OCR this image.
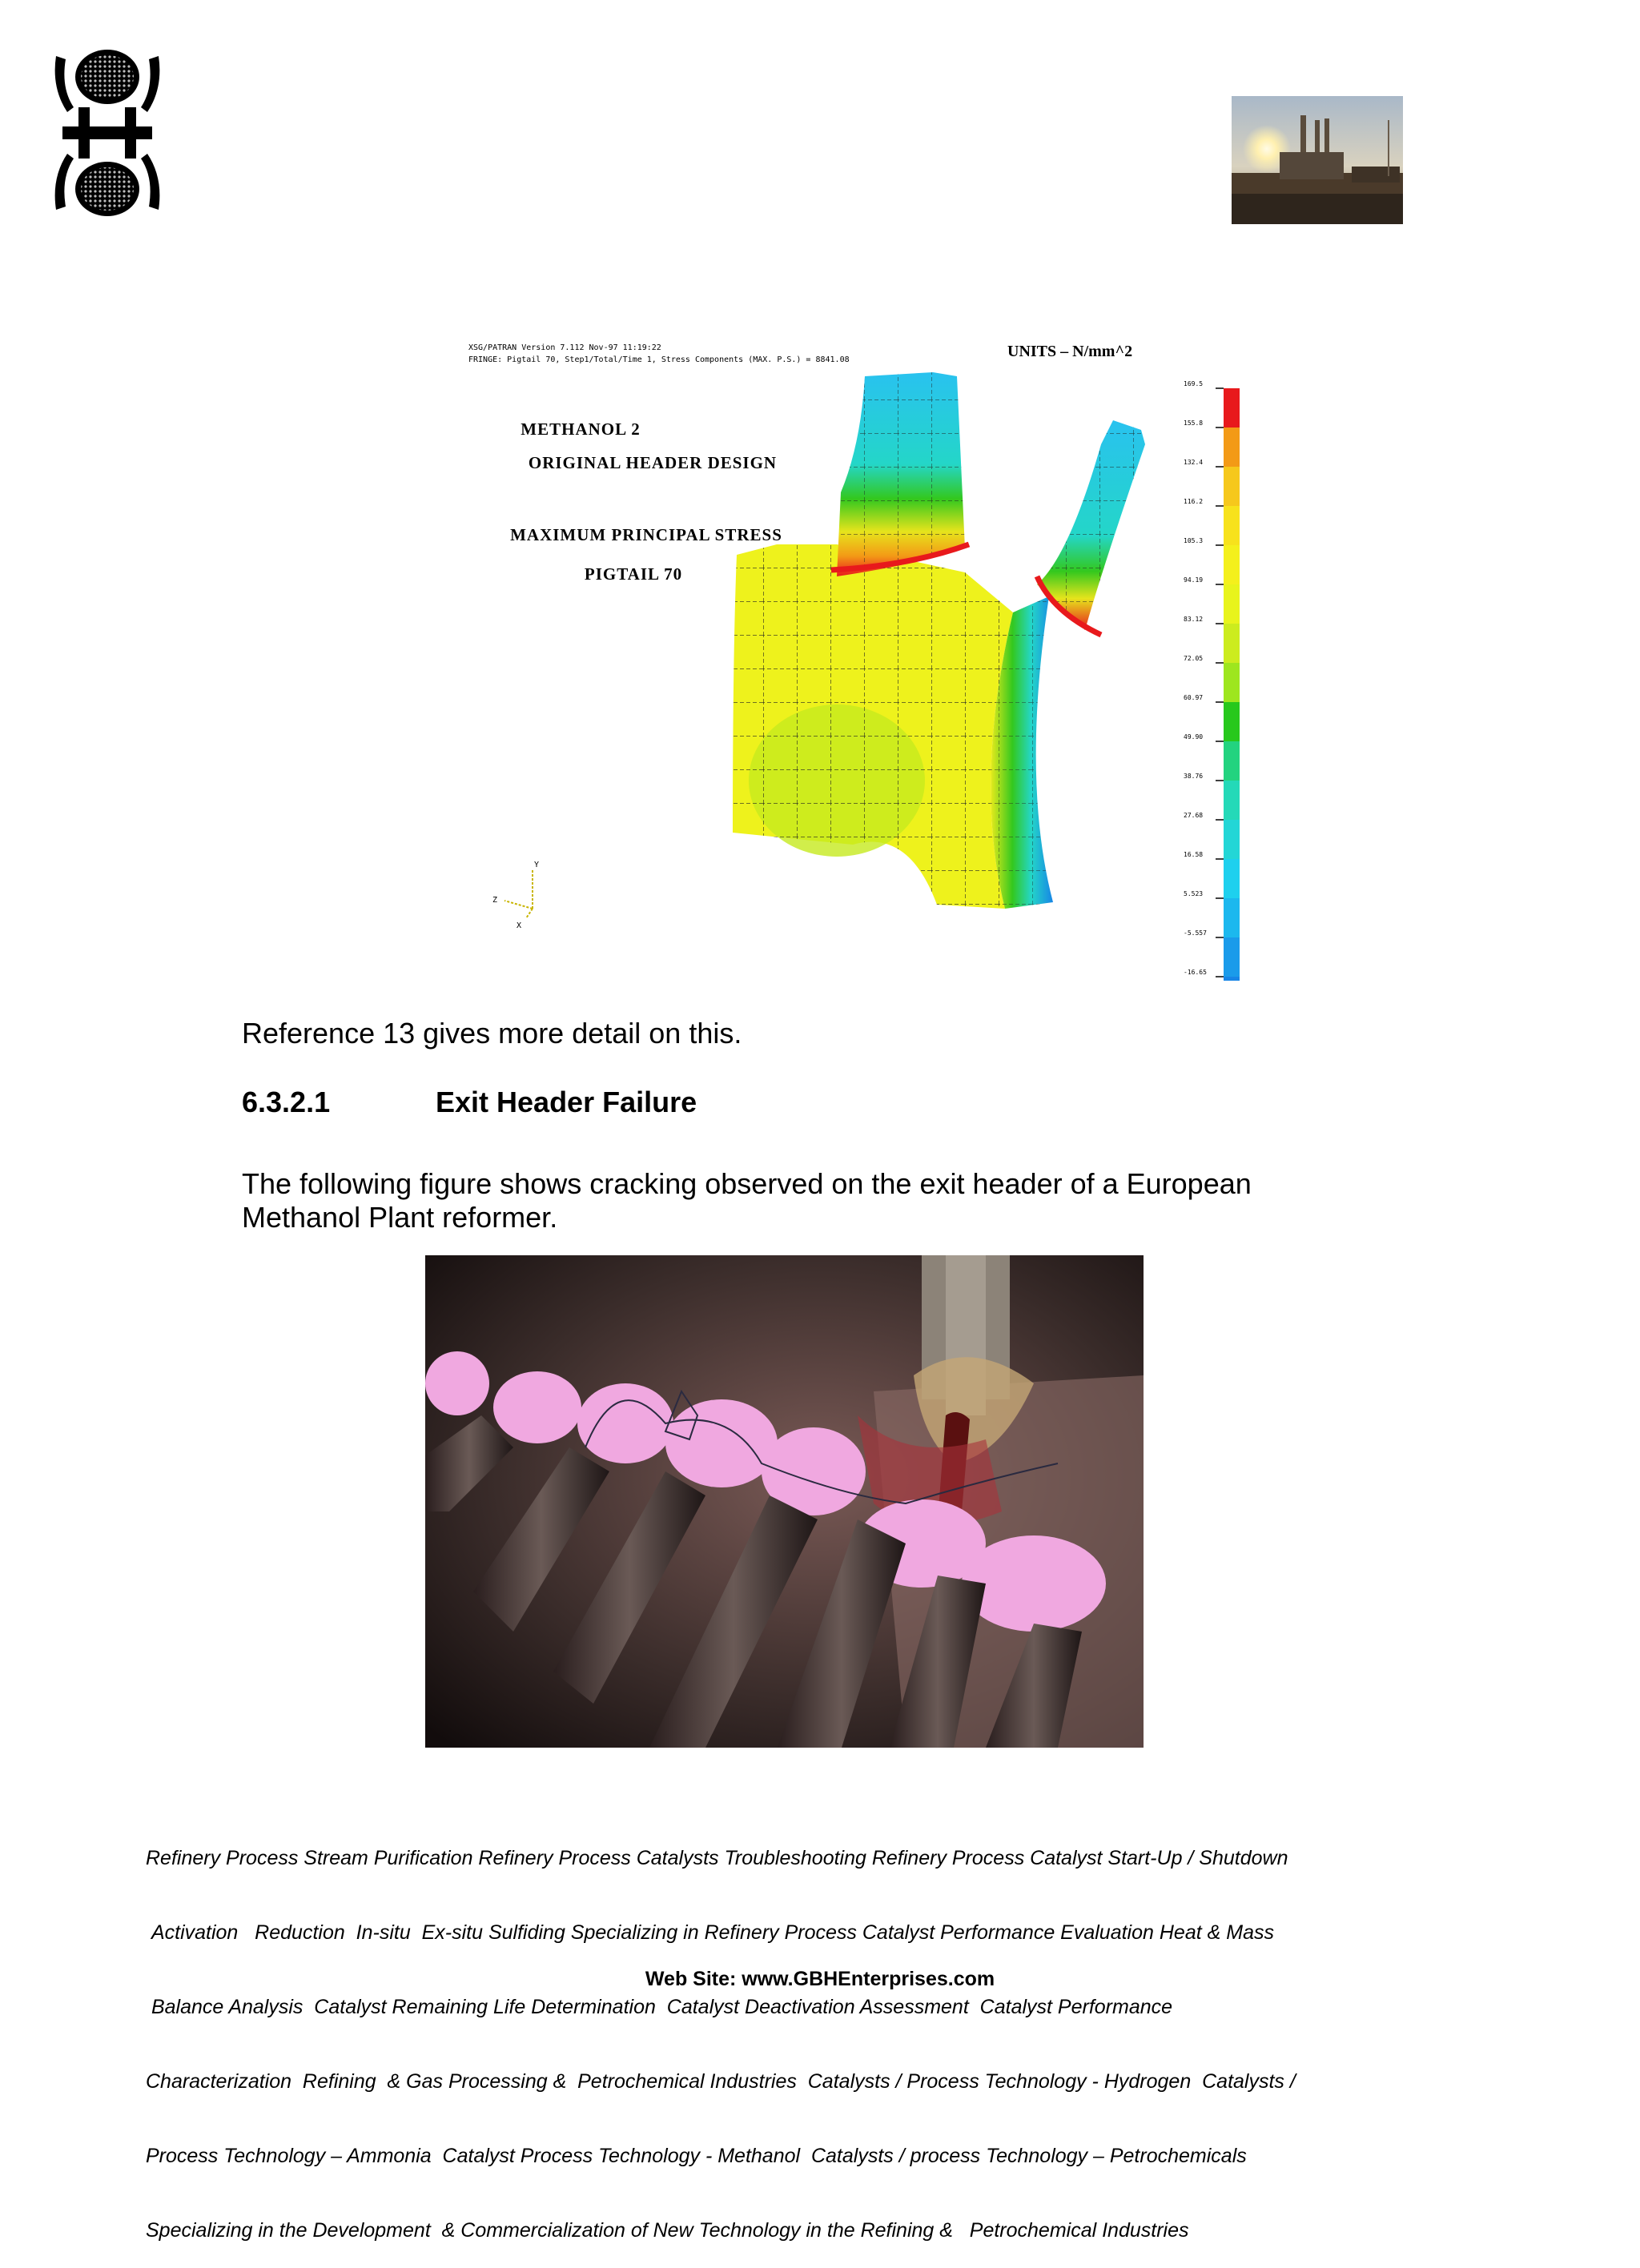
XSG/PATRAN Version 7.112 Nov-97 11:19:22
FRINGE: Pigtail 70, Step1/Total/Time 1, Stress Components (MAX. P.S.) = 8841.08	UNITS – N/mm^2
METHANOL 2
ORIGINAL HEADER DESIGN
MAXIMUM PRINCIPAL STRESS
PIGTAIL 70
Y
Z
X
169.5
155.8
132.4
116.2
105.3
94.19
83.12
72.05
60.97
49.90
38.76
27.68
16.58
5.523
-5.557
-16.65
Reference 13 gives more detail on this.
6.3.2.1	Exit Header Failure
The following figure shows cracking observed on the exit header of a European
Methanol Plant reformer.

Refinery Process Stream Purification Refinery Process Catalysts Troubleshooting Refinery Process Catalyst Start-Up / Shutdown

Activation   Reduction  In-situ  Ex-situ Sulfiding Specializing in Refinery Process Catalyst Performance Evaluation Heat & Mass

Balance Analysis  Catalyst Remaining Life Determination  Catalyst Deactivation Assessment  Catalyst Performance

Characterization  Refining  & Gas Processing &  Petrochemical Industries  Catalysts / Process Technology - Hydrogen  Catalysts /

Process Technology – Ammonia  Catalyst Process Technology - Methanol  Catalysts / process Technology – Petrochemicals

Specializing in the Development  & Commercialization of New Technology in the Refining &   Petrochemical Industries

Web Site: www.GBHEnterprises.com
